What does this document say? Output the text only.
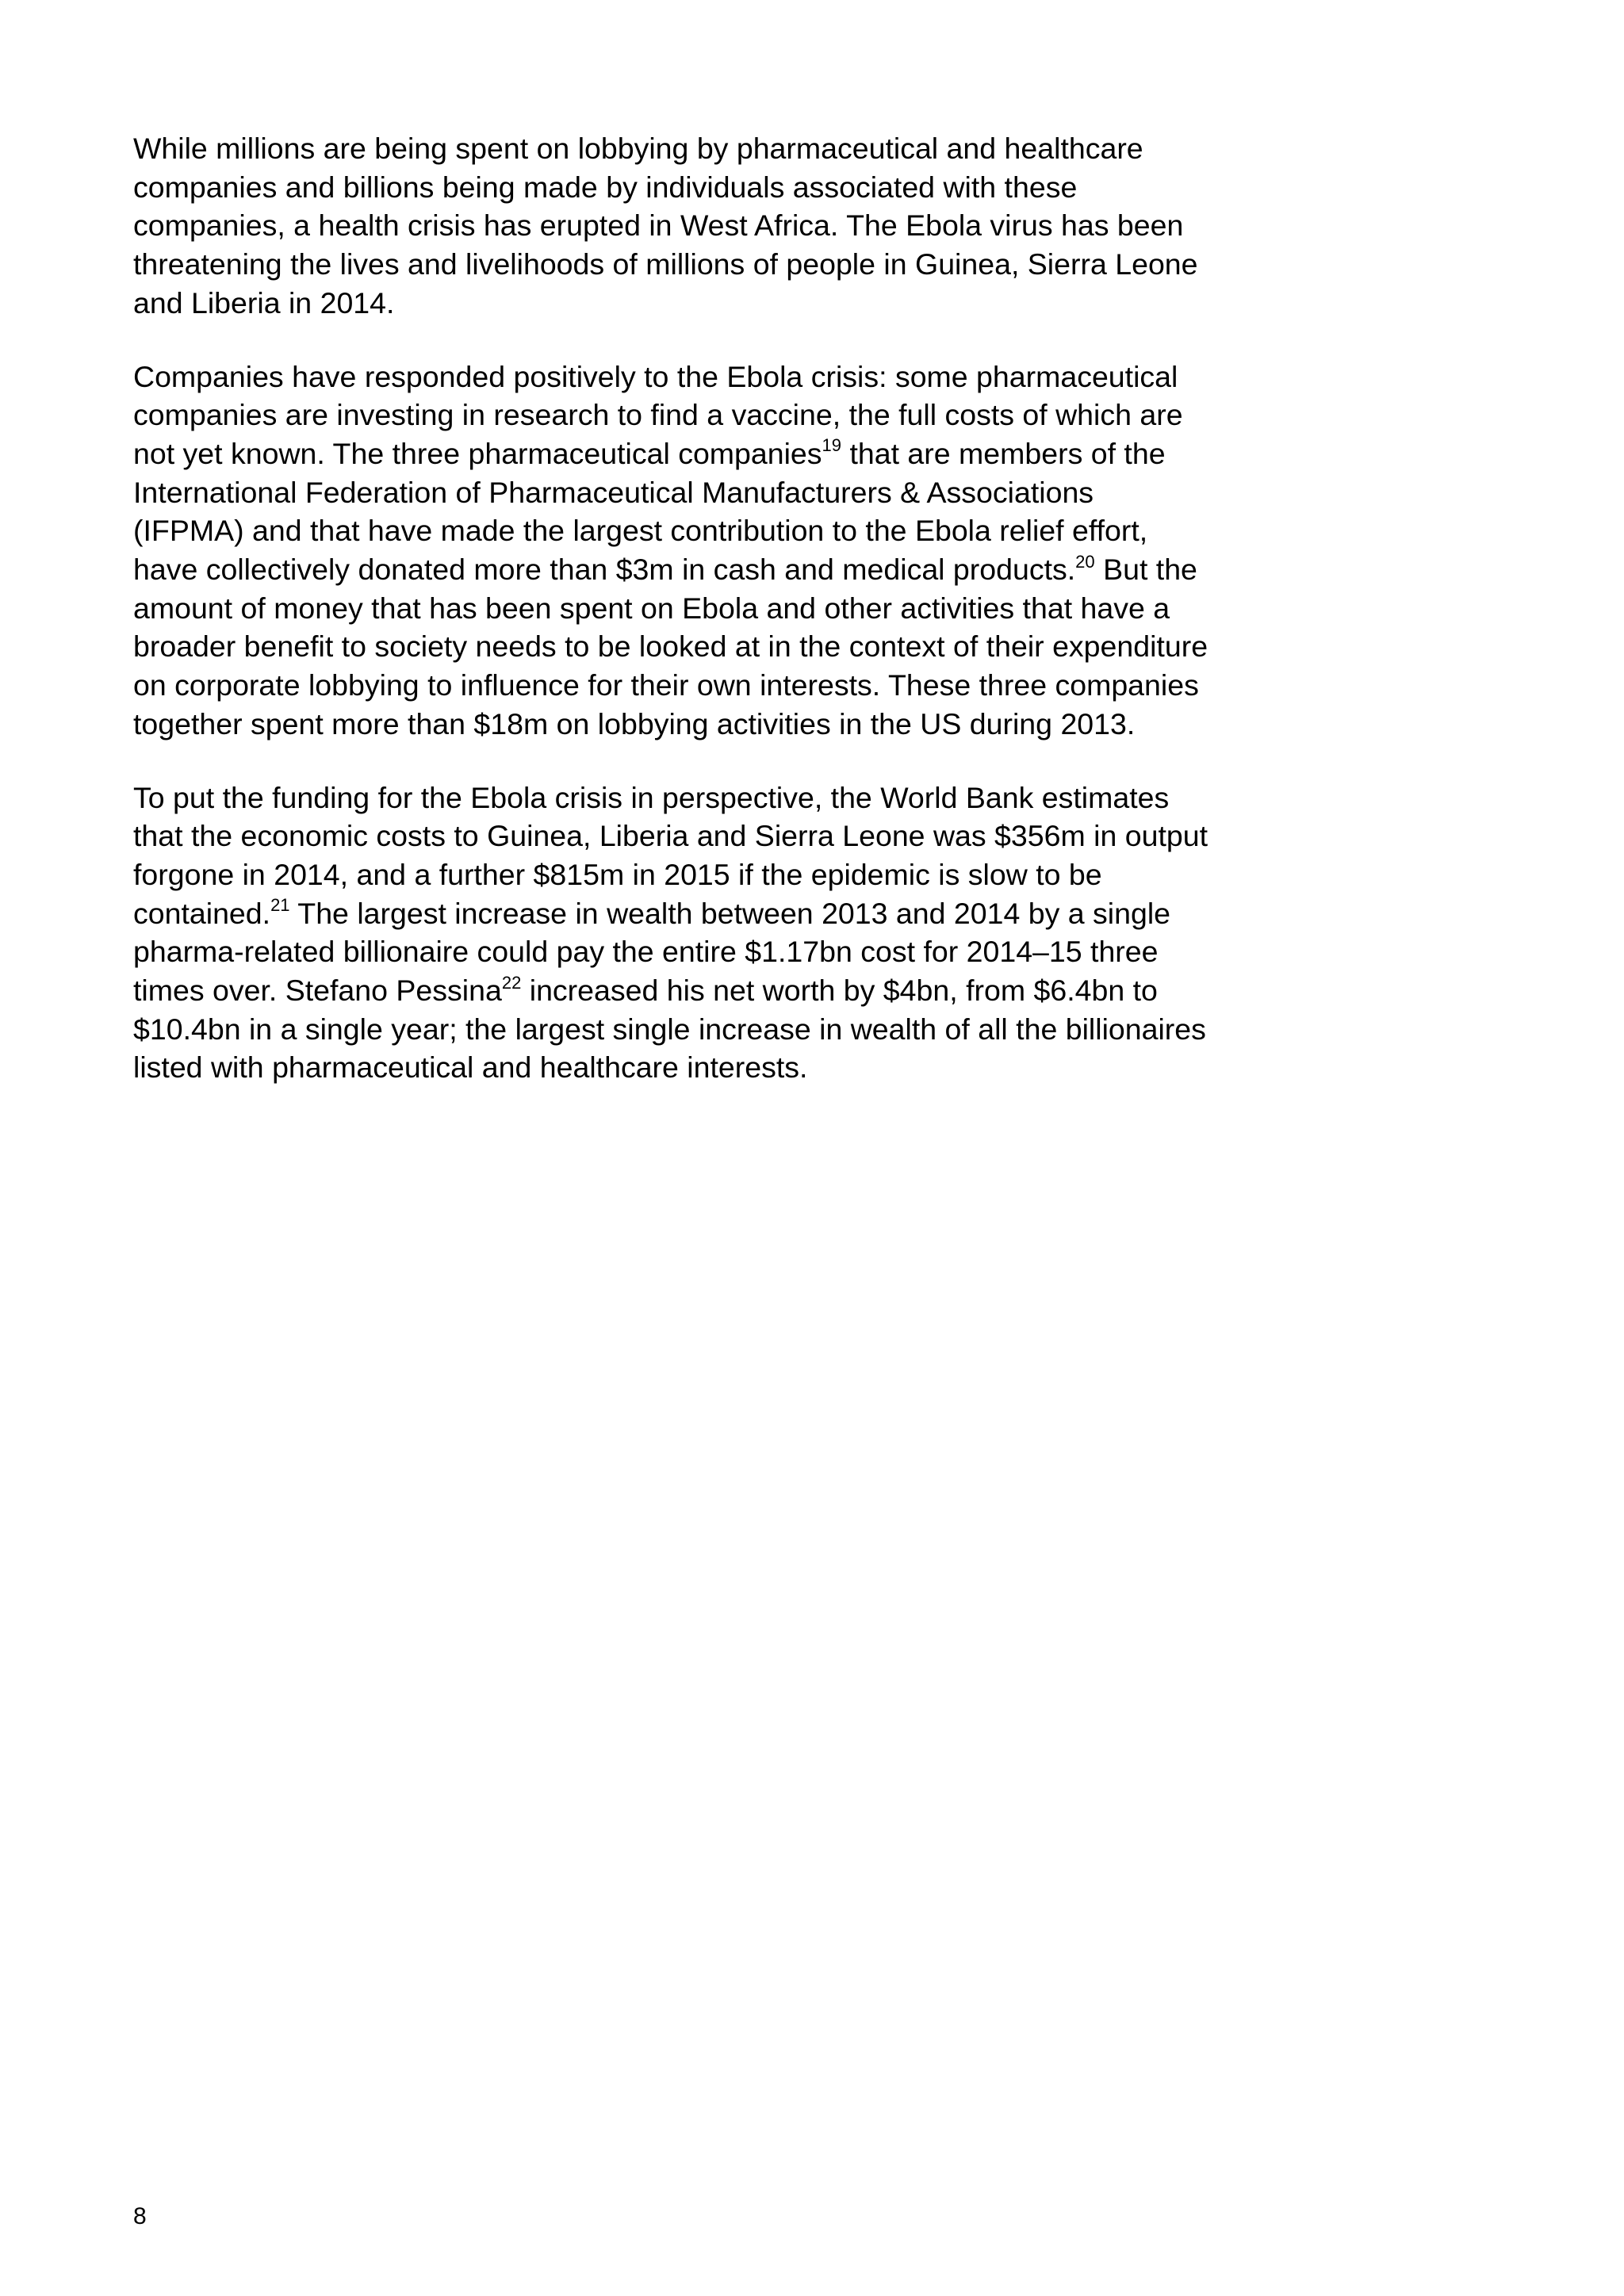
While millions are being spent on lobbying by pharmaceutical and healthcare
companies and billions being made by individuals associated with these
companies, a health crisis has erupted in West Africa. The Ebola virus has been
threatening the lives and livelihoods of millions of people in Guinea, Sierra Leone
and Liberia in 2014.

Companies have responded positively to the Ebola crisis: some pharmaceutical
companies are investing in research to find a vaccine, the full costs of which are
not yet known. The three pharmaceutical companies$^{19}$ that are members of the
International Federation of Pharmaceutical Manufacturers & Associations
(IFPMA) and that have made the largest contribution to the Ebola relief effort,
have collectively donated more than $3m in cash and medical products.$^{20}$ But the
amount of money that has been spent on Ebola and other activities that have a
broader benefit to society needs to be looked at in the context of their expenditure
on corporate lobbying to influence for their own interests. These three companies
together spent more than $18m on lobbying activities in the US during 2013.

To put the funding for the Ebola crisis in perspective, the World Bank estimates
that the economic costs to Guinea, Liberia and Sierra Leone was $356m in output
forgone in 2014, and a further $815m in 2015 if the epidemic is slow to be
contained.$^{21}$ The largest increase in wealth between 2013 and 2014 by a single
pharma-related billionaire could pay the entire $1.17bn cost for 2014–15 three
times over. Stefano Pessina$^{22}$ increased his net worth by $4bn, from $6.4bn to
$10.4bn in a single year; the largest single increase in wealth of all the billionaires
listed with pharmaceutical and healthcare interests.

8
